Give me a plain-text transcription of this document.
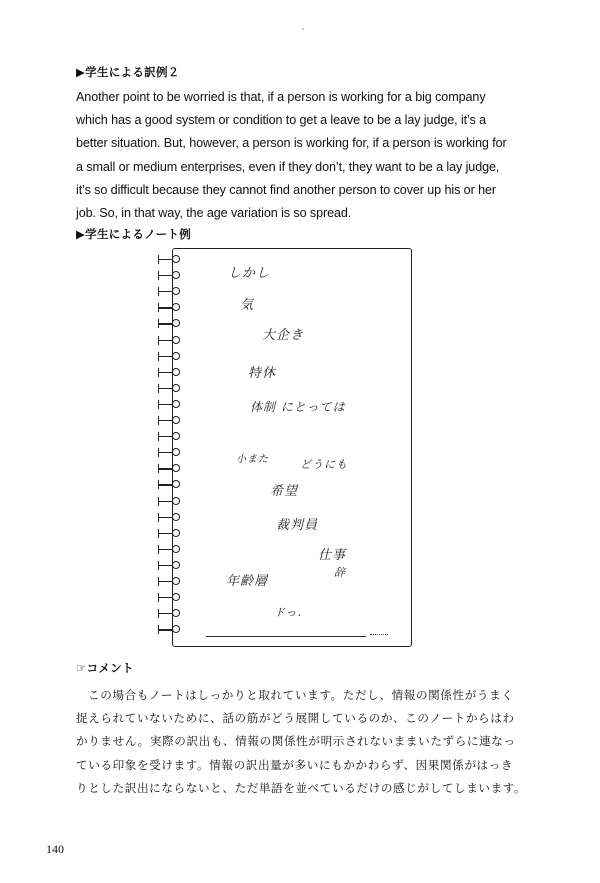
▶学生による訳例２
Another point to be worried is that, if a person is working for a big company
which has a good system or condition to get a leave to be a lay judge, it’s a
better situation. But, however, a person is working for, if a person is working for
a small or medium enterprises, even if they don’t, they want to be a lay judge,
it’s so difficult because they cannot find another person to cover up his or her
job. So, in that way, the age variation is so spread.
▶学生によるノート例
しかし
気
大企き
特休
体制 にとっては
小また	どうにも
希望
裁判員
仕事
辞
年齢層
ドっ.
☞コメント
この場合もノートはしっかりと取れています。ただし、情報の関係性がうまく
捉えられていないために、話の筋がどう展開しているのか、このノートからはわ
かりません。実際の訳出も、情報の関係性が明示されないままいたずらに連なっ
ている印象を受けます。情報の訳出量が多いにもかかわらず、因果関係がはっき
りとした訳出にならないと、ただ単語を並べているだけの感じがしてしまいます。
140
